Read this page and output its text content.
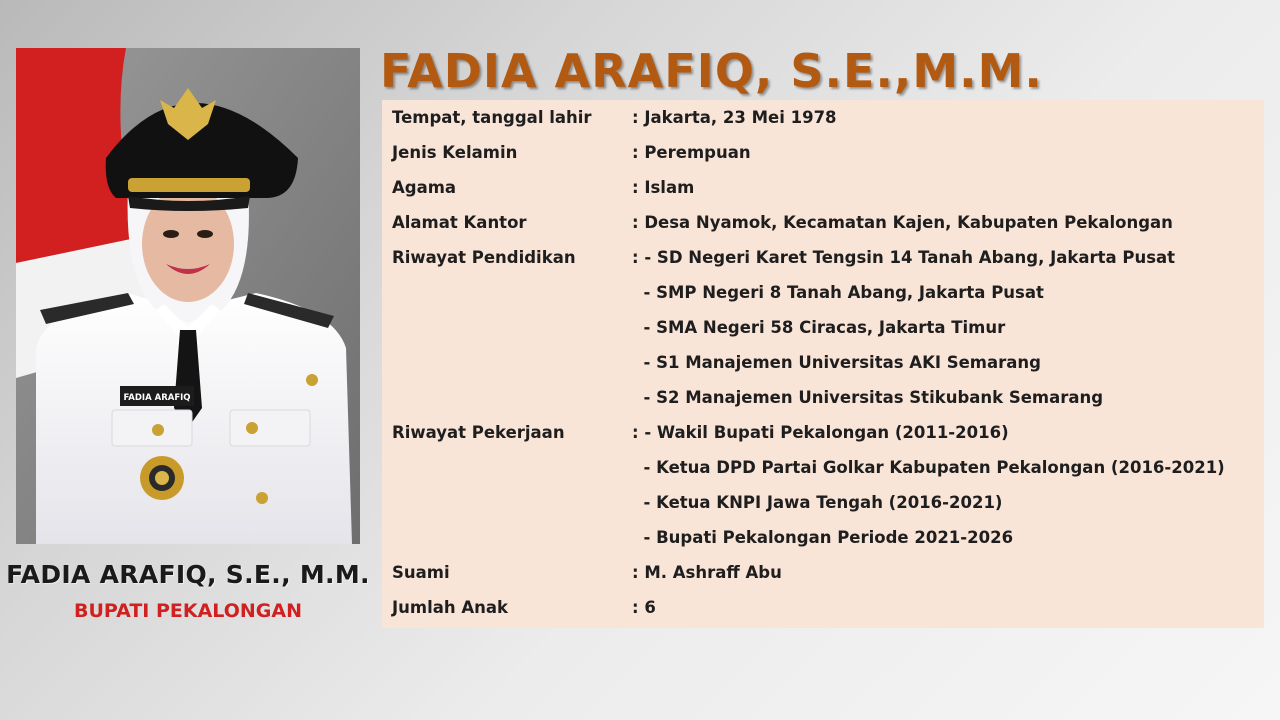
FADIA ARAFIQ
FADIA ARAFIQ, S.E., M.M.
BUPATI PEKALONGAN
FADIA ARAFIQ, S.E.,M.M.
Tempat, tanggal lahir	: Jakarta, 23 Mei 1978
Jenis Kelamin	: Perempuan
Agama	: Islam
Alamat Kantor	: Desa Nyamok, Kecamatan Kajen, Kabupaten Pekalongan
Riwayat Pendidikan	: - SD Negeri Karet Tengsin 14 Tanah Abang, Jakarta Pusat
- SMP Negeri 8 Tanah Abang, Jakarta Pusat
- SMA Negeri 58 Ciracas, Jakarta Timur
- S1 Manajemen Universitas AKI Semarang
- S2 Manajemen Universitas Stikubank Semarang
Riwayat Pekerjaan	: - Wakil Bupati Pekalongan (2011-2016)
- Ketua DPD Partai Golkar Kabupaten Pekalongan (2016-2021)
- Ketua KNPI Jawa Tengah (2016-2021)
- Bupati Pekalongan Periode 2021-2026
Suami	: M. Ashraff Abu
Jumlah Anak	: 6
